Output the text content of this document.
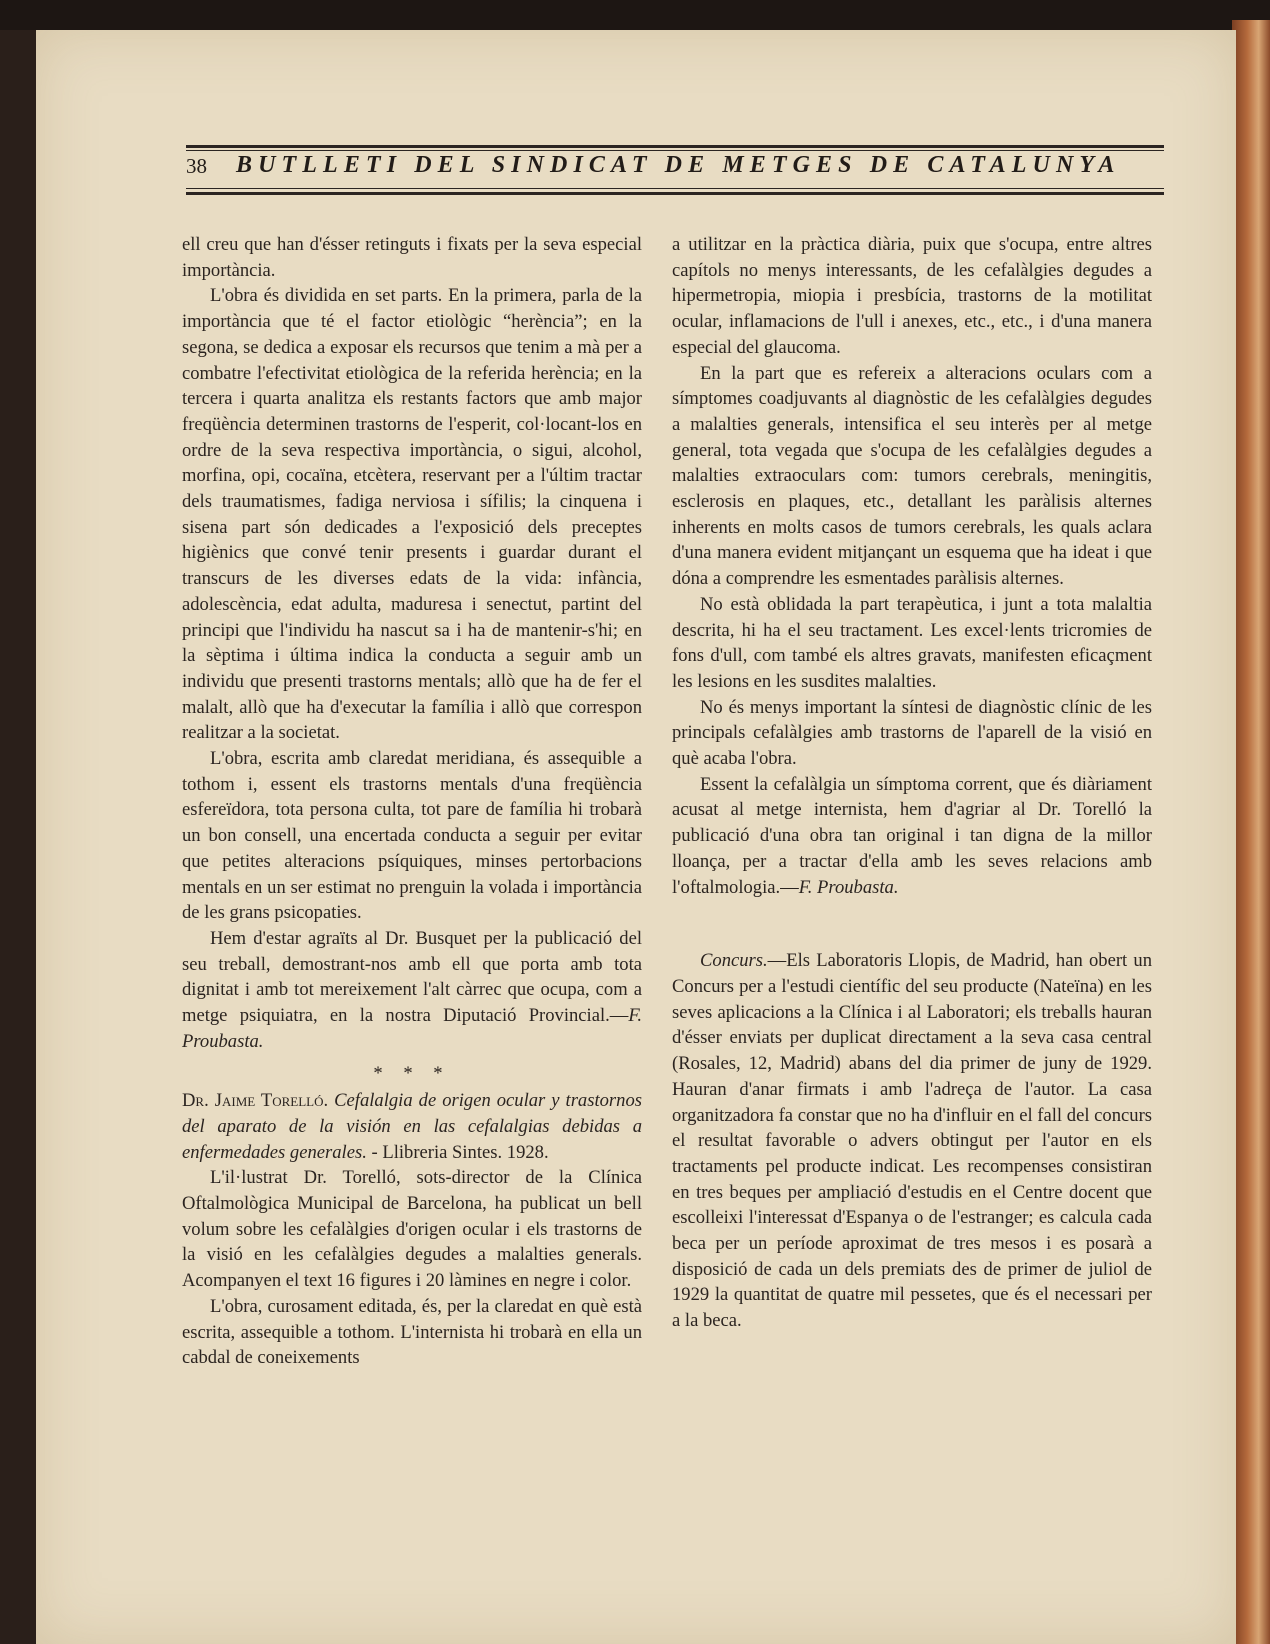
38 BUTLLETI DEL SINDICAT DE METGES DE CATALUNYA

ell creu que han d'ésser retinguts i fixats per la seva especial importància.

L'obra és dividida en set parts. En la primera, parla de la importància que té el factor etiològic “herència”; en la segona, se dedica a exposar els recursos que tenim a mà per a combatre l'efectivitat etiològica de la referida herència; en la tercera i quarta analitza els restants factors que amb major freqüència determinen trastorns de l'esperit, col·locant-los en ordre de la seva respectiva importància, o sigui, alcohol, morfina, opi, cocaïna, etcètera, reservant per a l'últim tractar dels traumatismes, fadiga nerviosa i sífilis; la cinquena i sisena part són dedicades a l'exposició dels preceptes higiènics que convé tenir presents i guardar durant el transcurs de les diverses edats de la vida: infància, adolescència, edat adulta, maduresa i senectut, partint del principi que l'individu ha nascut sa i ha de mantenir-s'hi; en la sèptima i última indica la conducta a seguir amb un individu que presenti trastorns mentals; allò que ha de fer el malalt, allò que ha d'executar la família i allò que correspon realitzar a la societat.

L'obra, escrita amb claredat meridiana, és assequible a tothom i, essent els trastorns mentals d'una freqüència esfereïdora, tota persona culta, tot pare de família hi trobarà un bon consell, una encertada conducta a seguir per evitar que petites alteracions psíquiques, minses pertorbacions mentals en un ser estimat no prenguin la volada i importància de les grans psicopaties.

Hem d'estar agraïts al Dr. Busquet per la publicació del seu treball, demostrant-nos amb ell que porta amb tota dignitat i amb tot mereixement l'alt càrrec que ocupa, com a metge psiquiatra, en la nostra Diputació Provincial.—F. Proubasta.

* * *

Dr. Jaime Torelló. Cefalalgia de origen ocular y trastornos del aparato de la visión en las cefalalgias debidas a enfermedades generales. - Llibreria Sintes. 1928.

L'il·lustrat Dr. Torelló, sots-director de la Clínica Oftalmològica Municipal de Barcelona, ha publicat un bell volum sobre les cefalàlgies d'origen ocular i els trastorns de la visió en les cefalàlgies degudes a malalties generals. Acompanyen el text 16 figures i 20 làmines en negre i color.

L'obra, curosament editada, és, per la claredat en què està escrita, assequible a tothom. L'internista hi trobarà en ella un cabdal de coneixements

a utilitzar en la pràctica diària, puix que s'ocupa, entre altres capítols no menys interessants, de les cefalàlgies degudes a hipermetropia, miopia i presbícia, trastorns de la motilitat ocular, inflamacions de l'ull i anexes, etc., etc., i d'una manera especial del glaucoma.

En la part que es refereix a alteracions oculars com a símptomes coadjuvants al diagnòstic de les cefalàlgies degudes a malalties generals, intensifica el seu interès per al metge general, tota vegada que s'ocupa de les cefalàlgies degudes a malalties extraoculars com: tumors cerebrals, meningitis, esclerosis en plaques, etc., detallant les paràlisis alternes inherents en molts casos de tumors cerebrals, les quals aclara d'una manera evident mitjançant un esquema que ha ideat i que dóna a comprendre les esmentades paràlisis alternes.

No està oblidada la part terapèutica, i junt a tota malaltia descrita, hi ha el seu tractament. Les excel·lents tricromies de fons d'ull, com també els altres gravats, manifesten eficaçment les lesions en les susdites malalties.

No és menys important la síntesi de diagnòstic clínic de les principals cefalàlgies amb trastorns de l'aparell de la visió en què acaba l'obra.

Essent la cefalàlgia un símptoma corrent, que és diàriament acusat al metge internista, hem d'agriar al Dr. Torelló la publicació d'una obra tan original i tan digna de la millor lloança, per a tractar d'ella amb les seves relacions amb l'oftalmologia.—F. Proubasta.

Concurs.—Els Laboratoris Llopis, de Madrid, han obert un Concurs per a l'estudi científic del seu producte (Nateïna) en les seves aplicacions a la Clínica i al Laboratori; els treballs hauran d'ésser enviats per duplicat directament a la seva casa central (Rosales, 12, Madrid) abans del dia primer de juny de 1929. Hauran d'anar firmats i amb l'adreça de l'autor. La casa organitzadora fa constar que no ha d'influir en el fall del concurs el resultat favorable o advers obtingut per l'autor en els tractaments pel producte indicat. Les recompenses consistiran en tres beques per ampliació d'estudis en el Centre docent que escolleixi l'interessat d'Espanya o de l'estranger; es calcula cada beca per un període aproximat de tres mesos i es posarà a disposició de cada un dels premiats des de primer de juliol de 1929 la quantitat de quatre mil pessetes, que és el necessari per a la beca.
